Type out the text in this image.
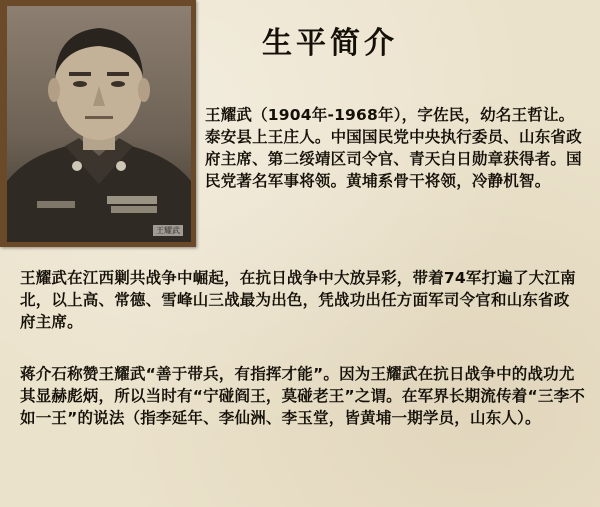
王耀武
生平简介

王耀武（1904年-1968年），字佐民，幼名王哲让。泰安县上王庄人。中国国民党中央执行委员、山东省政府主席、第二绥靖区司令官、青天白日勋章获得者。国民党著名军事将领。黄埔系骨干将领，冷静机智。

王耀武在江西剿共战争中崛起，在抗日战争中大放异彩，带着74军打遍了大江南北，以上高、常德、雪峰山三战最为出色，凭战功出任方面军司令官和山东省政府主席。

蒋介石称赞王耀武“善于带兵，有指挥才能”。因为王耀武在抗日战争中的战功尤其显赫彪炳，所以当时有“宁碰阎王，莫碰老王”之谓。在军界长期流传着“三李不如一王”的说法（指李延年、李仙洲、李玉堂，皆黄埔一期学员，山东人）。
